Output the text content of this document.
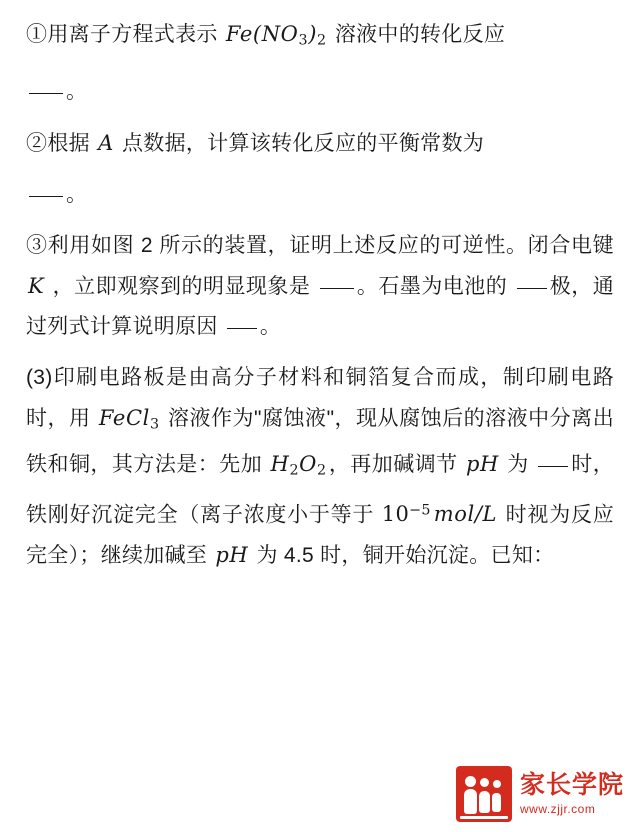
①用离子方程式表示 $Fe(NO_3)_2$ 溶液中的转化反应

。

②根据 A 点数据，计算该转化反应的平衡常数为

。

③利用如图 2 所示的装置，证明上述反应的可逆性。闭合电键 K ，立即观察到的明显现象是 。石墨为电池的 极，通过列式计算说明原因 。

(3)印刷电路板是由高分子材料和铜箔复合而成，制印刷电路时，用 FeCl$_3$ 溶液作为"腐蚀液"，现从腐蚀后的溶液中分离出铁和铜，其方法是：先加 $H_2O_2$，再加碱调节 pH 为 时，铁刚好沉淀完全（离子浓度小于等于 $10^{-5}$ mol/L 时视为反应完全）；继续加碱至 pH 为 4.5 时，铜开始沉淀。已知：

家长学院
www.zjjr.com
